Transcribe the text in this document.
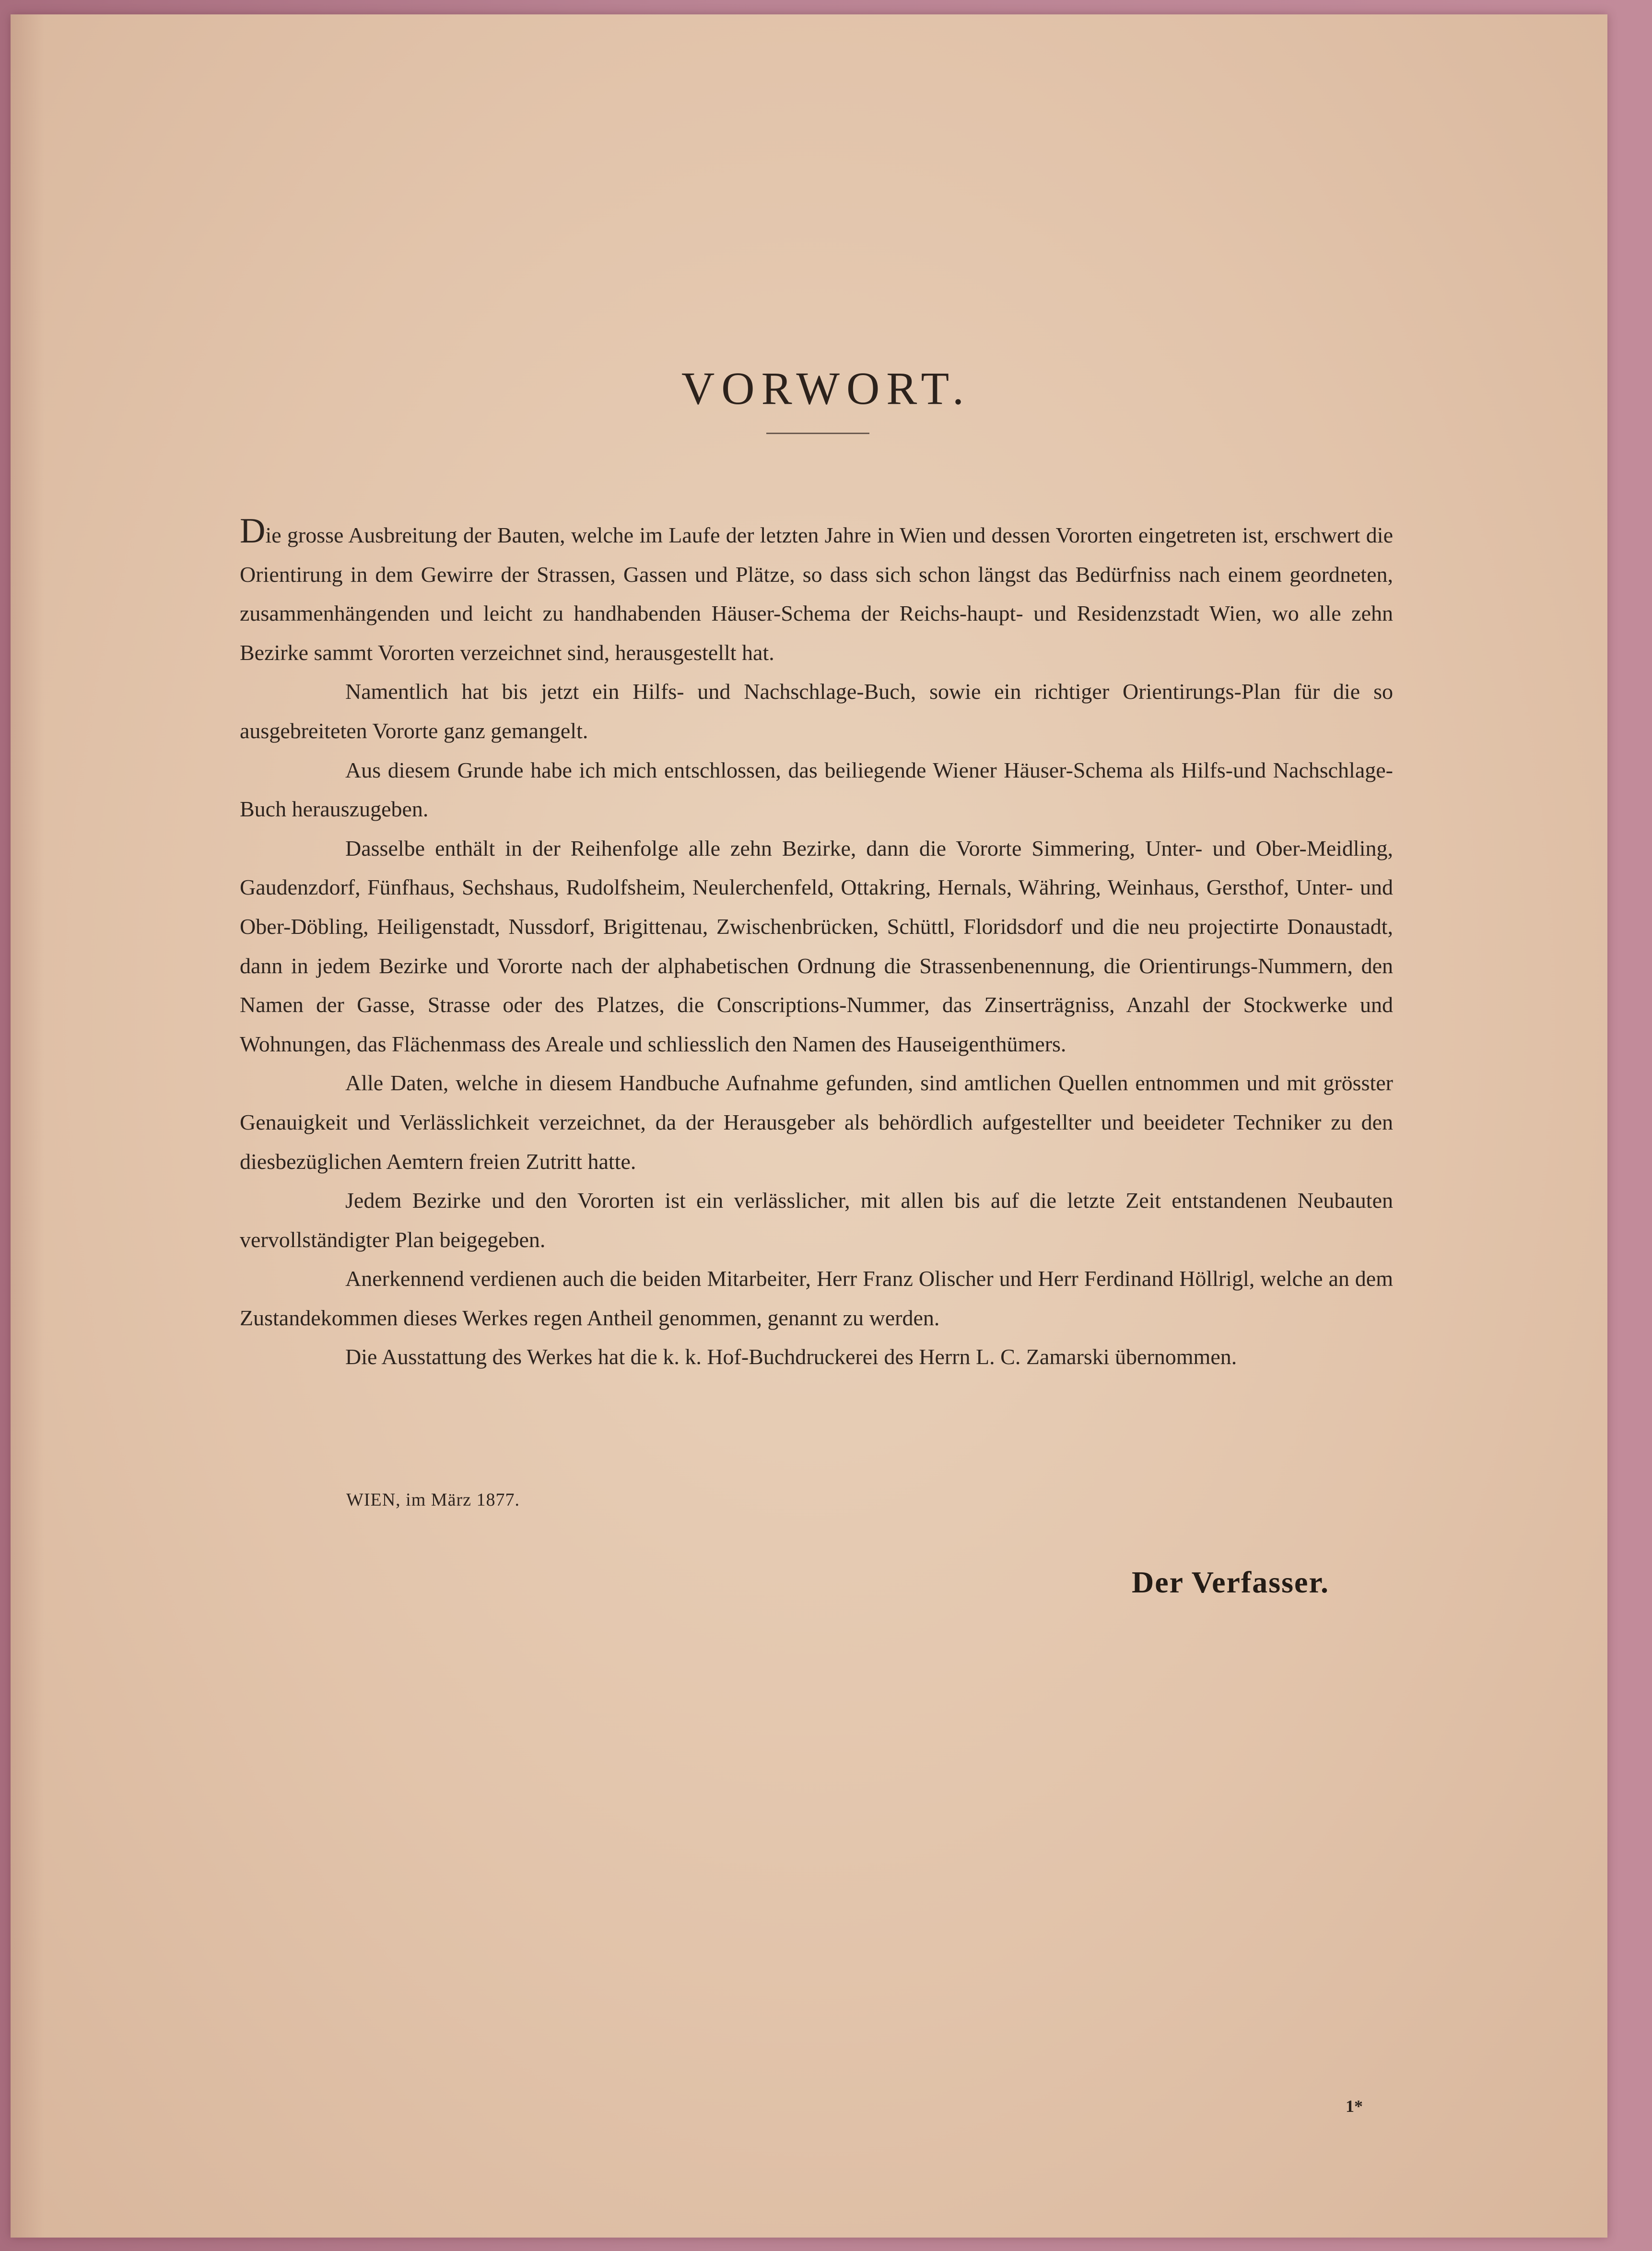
VORWORT.

Die grosse Ausbreitung der Bauten, welche im Laufe der letzten Jahre in Wien und dessen Vororten eingetreten ist, erschwert die Orientirung in dem Gewirre der Strassen, Gassen und Plätze, so dass sich schon längst das Bedürfniss nach einem geordneten, zusammenhängenden und leicht zu handhabenden Häuser-Schema der Reichs-haupt- und Residenzstadt Wien, wo alle zehn Bezirke sammt Vororten verzeichnet sind, herausgestellt hat.

Namentlich hat bis jetzt ein Hilfs- und Nachschlage-Buch, sowie ein richtiger Orientirungs-Plan für die so ausgebreiteten Vororte ganz gemangelt.

Aus diesem Grunde habe ich mich entschlossen, das beiliegende Wiener Häuser-Schema als Hilfs-und Nachschlage-Buch herauszugeben.

Dasselbe enthält in der Reihenfolge alle zehn Bezirke, dann die Vororte Simmering, Unter- und Ober-Meidling, Gaudenzdorf, Fünfhaus, Sechshaus, Rudolfsheim, Neulerchenfeld, Ottakring, Hernals, Währing, Weinhaus, Gersthof, Unter- und Ober-Döbling, Heiligenstadt, Nussdorf, Brigittenau, Zwischenbrücken, Schüttl, Floridsdorf und die neu projectirte Donaustadt, dann in jedem Bezirke und Vororte nach der alphabetischen Ordnung die Strassenbenennung, die Orientirungs-Nummern, den Namen der Gasse, Strasse oder des Platzes, die Conscriptions-Nummer, das Zinserträgniss, Anzahl der Stockwerke und Wohnungen, das Flächenmass des Areale und schliesslich den Namen des Hauseigenthümers.

Alle Daten, welche in diesem Handbuche Aufnahme gefunden, sind amtlichen Quellen entnommen und mit grösster Genauigkeit und Verlässlichkeit verzeichnet, da der Herausgeber als behördlich aufgestellter und beeideter Techniker zu den diesbezüglichen Aemtern freien Zutritt hatte.

Jedem Bezirke und den Vororten ist ein verlässlicher, mit allen bis auf die letzte Zeit entstandenen Neubauten vervollständigter Plan beigegeben.

Anerkennend verdienen auch die beiden Mitarbeiter, Herr Franz Olischer und Herr Ferdinand Höllrigl, welche an dem Zustandekommen dieses Werkes regen Antheil genommen, genannt zu werden.

Die Ausstattung des Werkes hat die k. k. Hof-Buchdruckerei des Herrn L. C. Zamarski übernommen.

WIEN, im März 1877.
Der Verfasser.
1*
